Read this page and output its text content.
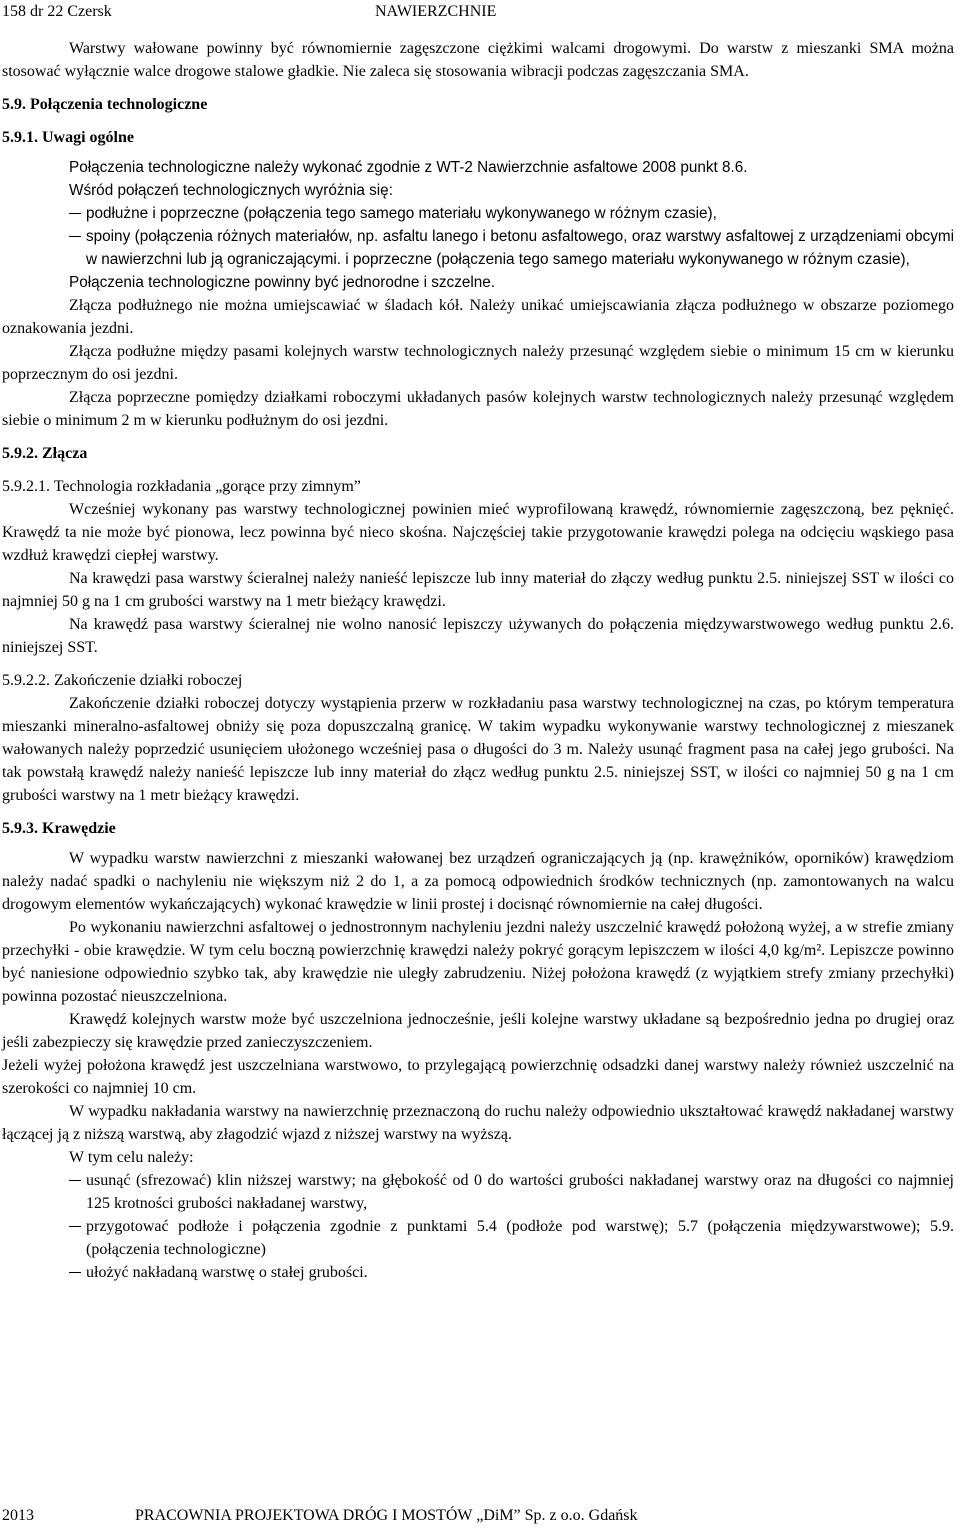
158 dr 22 Czersk	NAWIERZCHNIE

Warstwy wałowane powinny być równomiernie zagęszczone ciężkimi walcami drogowymi. Do warstw z mieszanki SMA można stosować wyłącznie walce drogowe stalowe gładkie. Nie zaleca się stosowania wibracji podczas zagęszczania SMA.

5.9. Połączenia technologiczne

5.9.1. Uwagi ogólne

Połączenia technologiczne należy wykonać zgodnie z WT-2 Nawierzchnie asfaltowe 2008 punkt 8.6.

Wśród połączeń technologicznych wyróżnia się:

podłużne i poprzeczne (połączenia tego samego materiału wykonywanego w różnym czasie),
spoiny (połączenia różnych materiałów, np. asfaltu lanego i betonu asfaltowego, oraz warstwy asfaltowej z urządzeniami obcymi w nawierzchni lub ją ograniczającymi. i poprzeczne (połączenia tego samego materiału wykonywanego w różnym czasie),

Połączenia technologiczne powinny być jednorodne i szczelne.

Złącza podłużnego nie można umiejscawiać w śladach kół. Należy unikać umiejscawiania złącza podłużnego w obszarze poziomego oznakowania jezdni.

Złącza podłużne między pasami kolejnych warstw technologicznych należy przesunąć względem siebie o minimum 15 cm w kierunku poprzecznym do osi jezdni.

Złącza poprzeczne pomiędzy działkami roboczymi układanych pasów kolejnych warstw technologicznych należy przesunąć względem siebie o minimum 2 m w kierunku podłużnym do osi jezdni.

5.9.2. Złącza

5.9.2.1. Technologia rozkładania „gorące przy zimnym”

Wcześniej wykonany pas warstwy technologicznej powinien mieć wyprofilowaną krawędź, równomiernie zagęszczoną, bez pęknięć. Krawędź ta nie może być pionowa, lecz powinna być nieco skośna. Najczęściej takie przygotowanie krawędzi polega na odcięciu wąskiego pasa wzdłuż krawędzi ciepłej warstwy.

Na krawędzi pasa warstwy ścieralnej należy nanieść lepiszcze lub inny materiał do złączy według punktu 2.5. niniejszej SST w ilości co najmniej 50 g na 1 cm grubości warstwy na 1 metr bieżący krawędzi.

Na krawędź pasa warstwy ścieralnej nie wolno nanosić lepiszczy używanych do połączenia międzywarstwowego według punktu 2.6. niniejszej SST.

5.9.2.2. Zakończenie działki roboczej

Zakończenie działki roboczej dotyczy wystąpienia przerw w rozkładaniu pasa warstwy technologicznej na czas, po którym temperatura mieszanki mineralno-asfaltowej obniży się poza dopuszczalną granicę. W takim wypadku wykonywanie warstwy technologicznej z mieszanek wałowanych należy poprzedzić usunięciem ułożonego wcześniej pasa o długości do 3 m. Należy usunąć fragment pasa na całej jego grubości. Na tak powstałą krawędź należy nanieść lepiszcze lub inny materiał do złącz według punktu 2.5. niniejszej SST, w ilości co najmniej 50 g na 1 cm grubości warstwy na 1 metr bieżący krawędzi.

5.9.3. Krawędzie

W wypadku warstw nawierzchni z mieszanki wałowanej bez urządzeń ograniczających ją (np. krawężników, oporników) krawędziom należy nadać spadki o nachyleniu nie większym niż 2 do 1, a za pomocą odpowiednich środków technicznych (np. zamontowanych na walcu drogowym elementów wykańczających) wykonać krawędzie w linii prostej i docisnąć równomiernie na całej długości.

Po wykonaniu nawierzchni asfaltowej o jednostronnym nachyleniu jezdni należy uszczelnić krawędź położoną wyżej, a w strefie zmiany przechyłki - obie krawędzie. W tym celu boczną powierzchnię krawędzi należy pokryć gorącym lepiszczem w ilości 4,0 kg/m². Lepiszcze powinno być naniesione odpowiednio szybko tak, aby krawędzie nie uległy zabrudzeniu. Niżej położona krawędź (z wyjątkiem strefy zmiany przechyłki) powinna pozostać nieuszczelniona.

Krawędź kolejnych warstw może być uszczelniona jednocześnie, jeśli kolejne warstwy układane są bezpośrednio jedna po drugiej oraz jeśli zabezpieczy się krawędzie przed zanieczyszczeniem.

Jeżeli wyżej położona krawędź jest uszczelniana warstwowo, to przylegającą powierzchnię odsadzki danej warstwy należy również uszczelnić na szerokości co najmniej 10 cm.

W wypadku nakładania warstwy na nawierzchnię przeznaczoną do ruchu należy odpowiednio ukształtować krawędź nakładanej warstwy łączącej ją z niższą warstwą, aby złagodzić wjazd z niższej warstwy na wyższą.

W tym celu należy:

usunąć (sfrezować) klin niższej warstwy; na głębokość od 0 do wartości grubości nakładanej warstwy oraz na długości co najmniej 125 krotności grubości nakładanej warstwy,
przygotować podłoże i połączenia zgodnie z punktami 5.4 (podłoże pod warstwę); 5.7 (połączenia międzywarstwowe); 5.9. (połączenia technologiczne)
ułożyć nakładaną warstwę o stałej grubości.
2013	PRACOWNIA PROJEKTOWA DRÓG I MOSTÓW „DiM” Sp. z o.o. Gdańsk
